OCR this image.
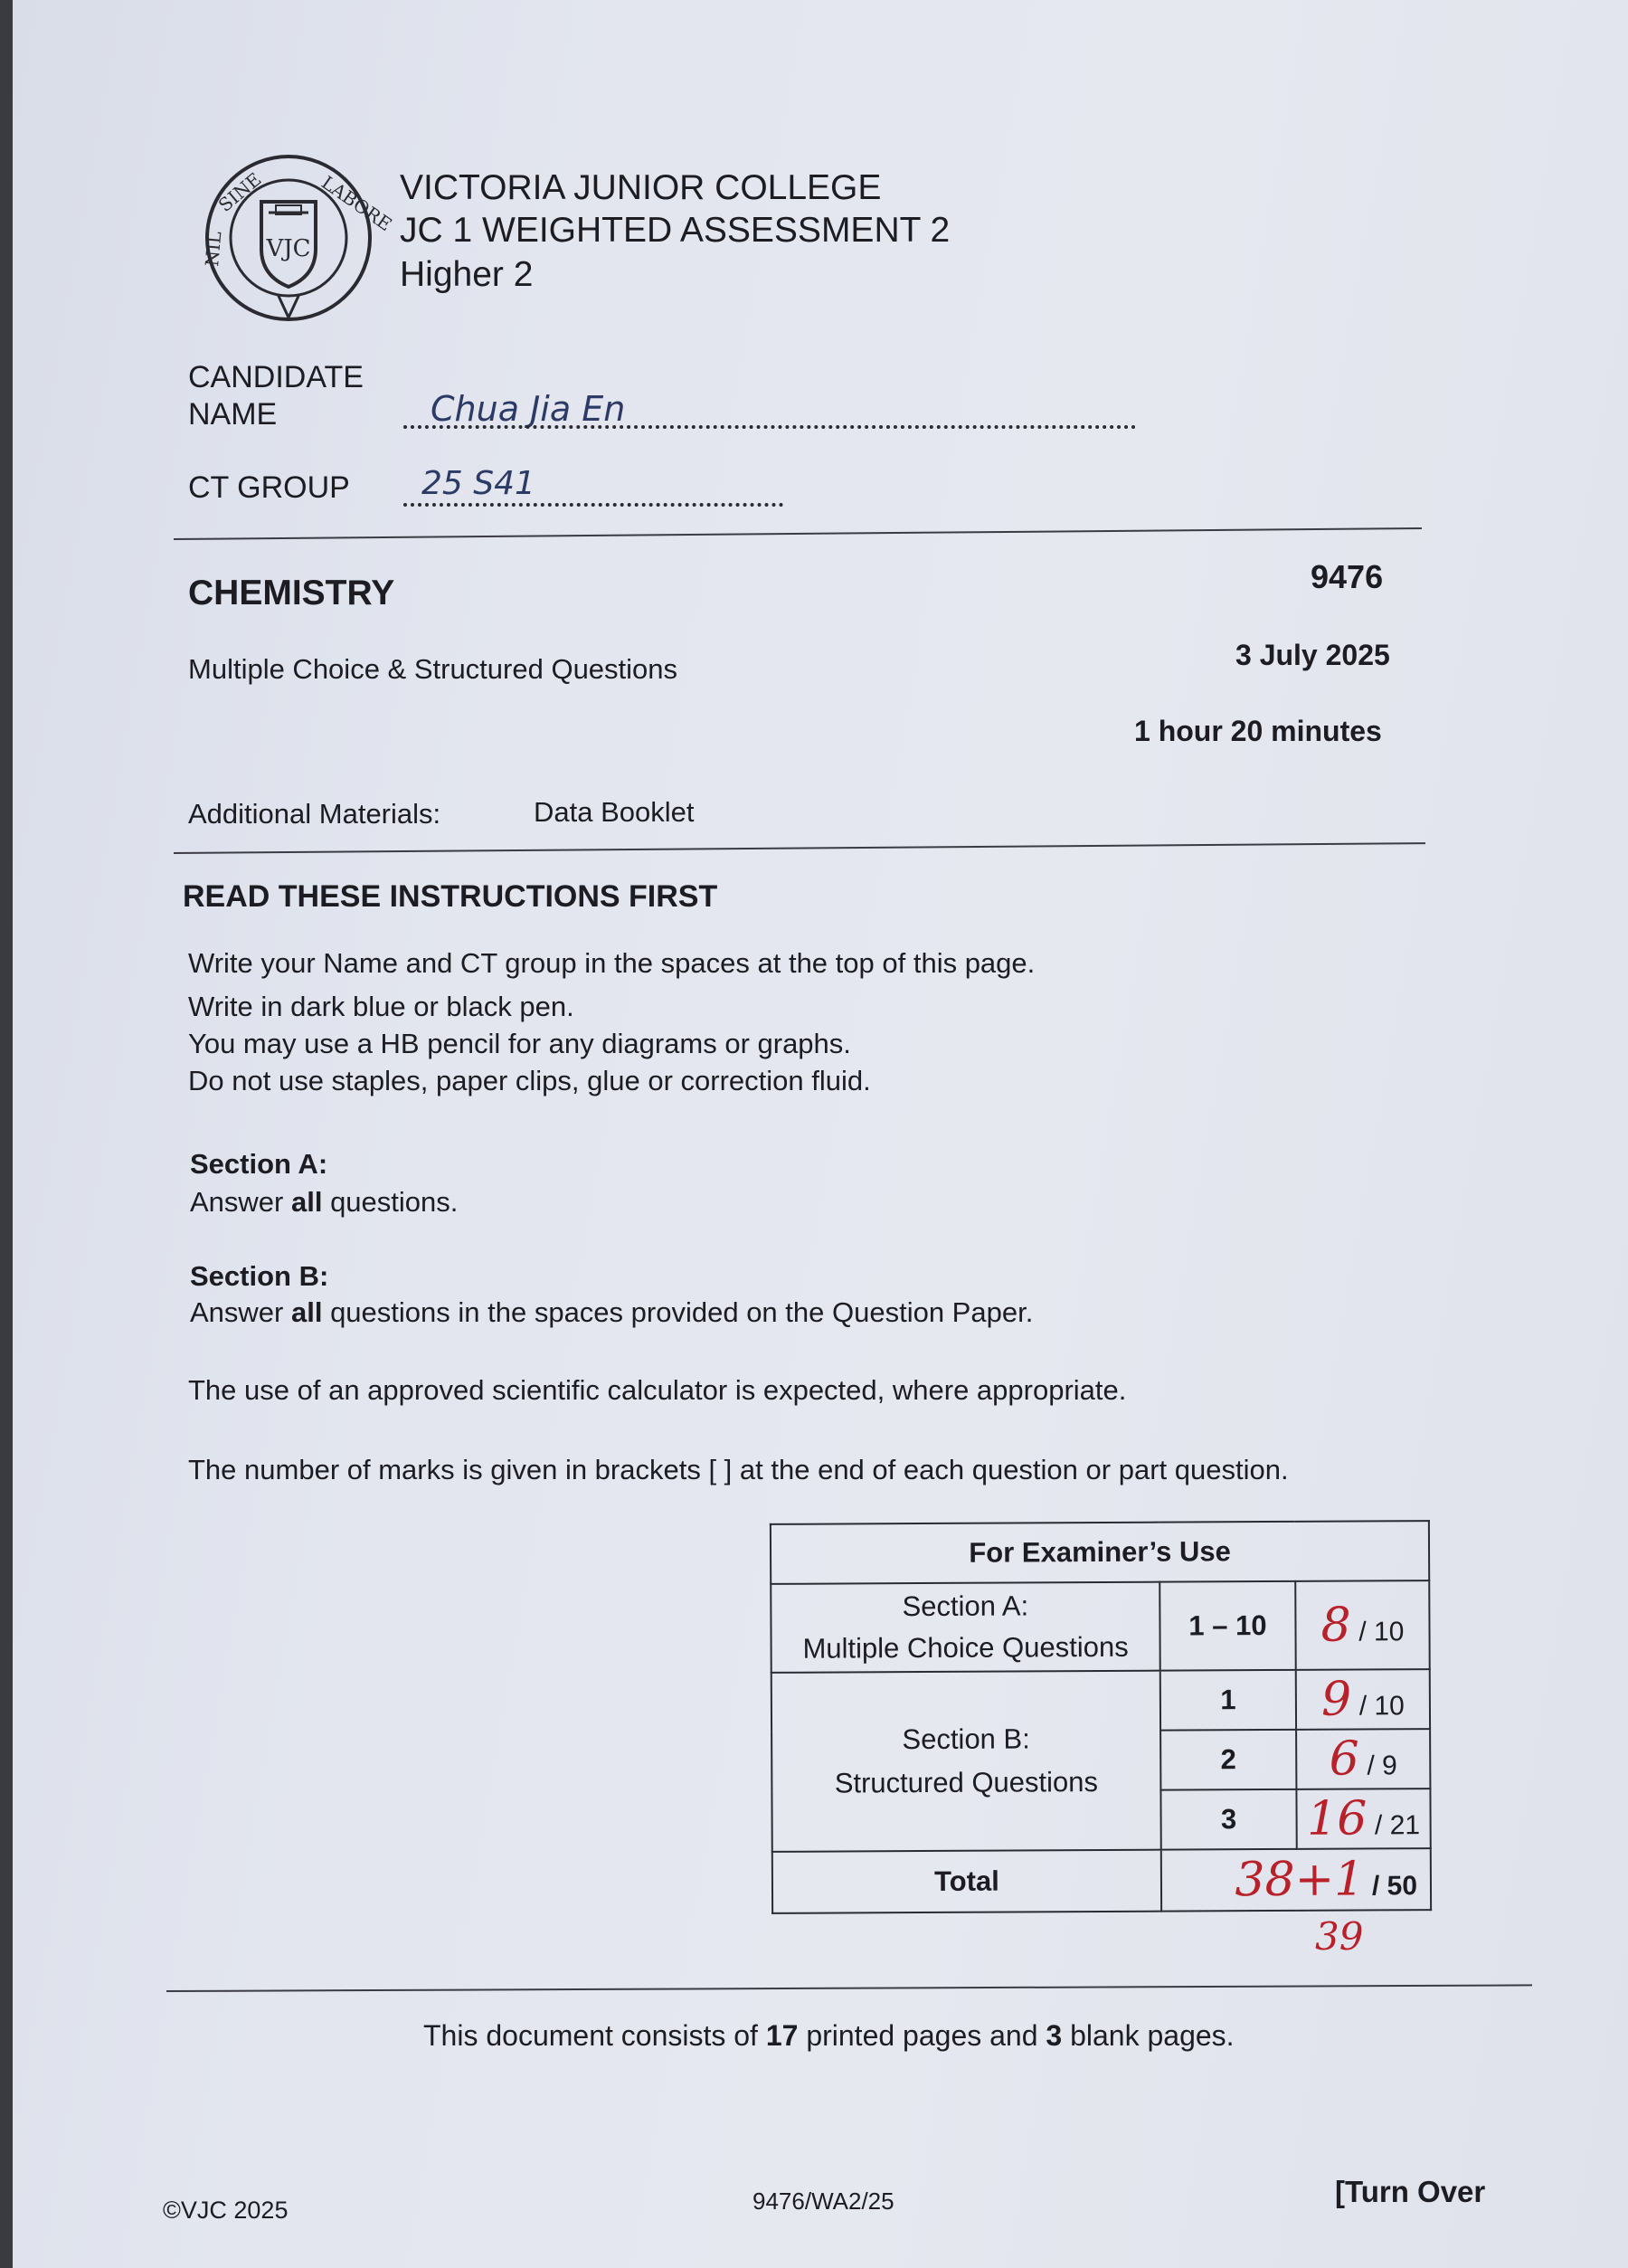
VJC
SINE	LABORE
NIL
VICTORIA JUNIOR COLLEGE
JC 1 WEIGHTED ASSESSMENT 2
Higher 2
CANDIDATE
NAME	Chua Jia En
CT GROUP 25 S41
CHEMISTRY	9476
Multiple Choice & Structured Questions	3 July 2025
1 hour 20 minutes
Additional Materials:	Data Booklet
READ THESE INSTRUCTIONS FIRST
Write your Name and CT group in the spaces at the top of this page.
Write in dark blue or black pen.
You may use a HB pencil for any diagrams or graphs.
Do not use staples, paper clips, glue or correction fluid.
Section A:
Answer all questions.
Section B:
Answer all questions in the spaces provided on the Question Paper.
The use of an approved scientific calculator is expected, where appropriate.
The number of marks is given in brackets [ ] at the end of each question or part question.
For Examiner’s Use		

Section A:
Multiple Choice Questions	1 – 10	8 / 10

Section B:
Structured Questions	1	9 / 10
	2	6 / 9
	3	16 / 21
Total	38+1 / 50	
39
This document consists of 17 printed pages and 3 blank pages.
©VJC 2025	9476/WA2/25	[Turn Over
